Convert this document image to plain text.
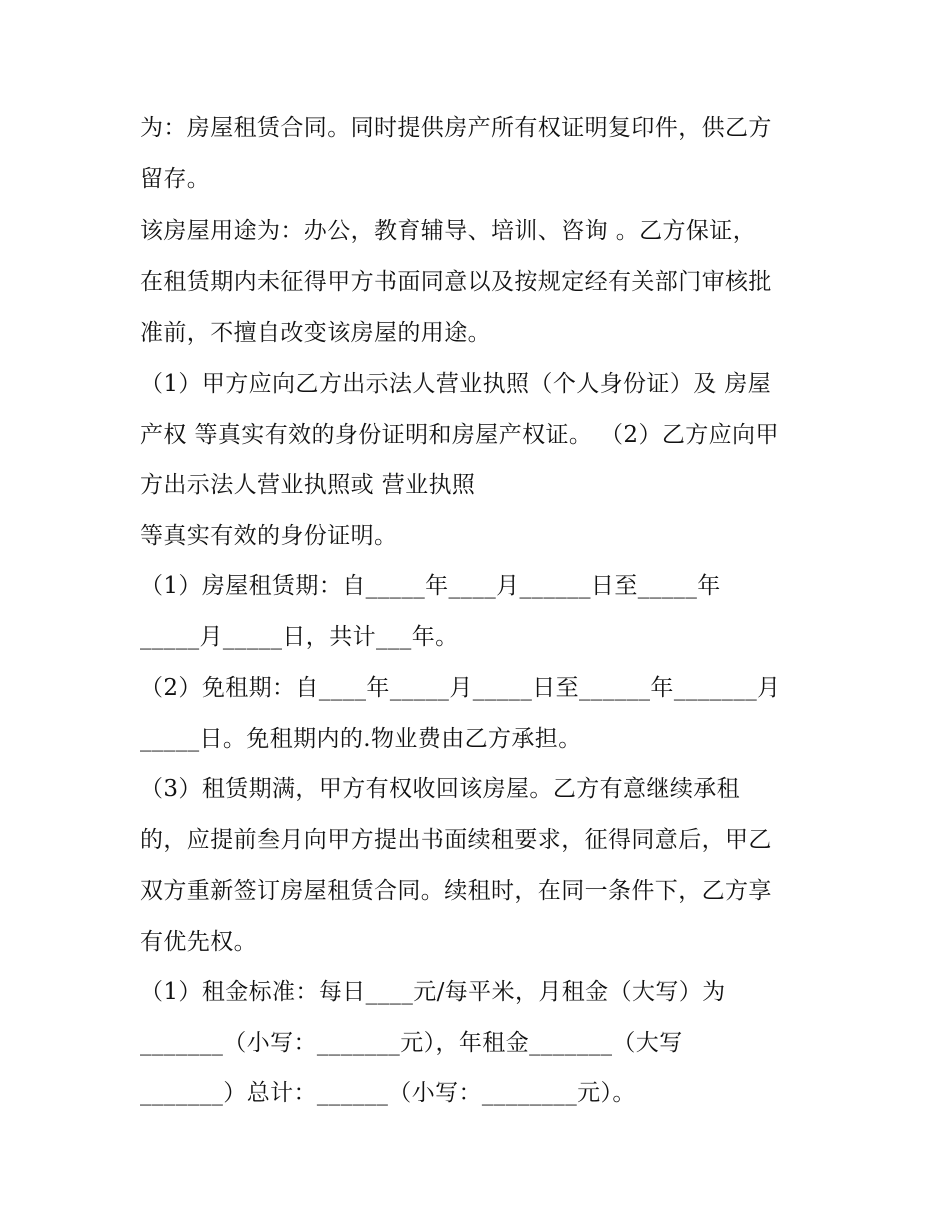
为：房屋租赁合同。同时提供房产所有权证明复印件，供乙方
留存。
该房屋用途为：办公，教育辅导、培训、咨询 。乙方保证，
在租赁期内未征得甲方书面同意以及按规定经有关部门审核批
准前，不擅自改变该房屋的用途。
（1）甲方应向乙方出示法人营业执照（个人身份证）及 房屋
产权 等真实有效的身份证明和房屋产权证。 （2）乙方应向甲
方出示法人营业执照或 营业执照
等真实有效的身份证明。
（1）房屋租赁期：自_____年____月______日至_____年
_____月_____日，共计___年。
（2）免租期：自____年_____月_____日至______年_______月
_____日。免租期内的.物业费由乙方承担。
（3）租赁期满，甲方有权收回该房屋。乙方有意继续承租
的，应提前叁月向甲方提出书面续租要求，征得同意后，甲乙
双方重新签订房屋租赁合同。续租时，在同一条件下，乙方享
有优先权。
（1）租金标准：每日____元/每平米，月租金（大写）为
_______（小写：_______元），年租金_______（大写
_______）总计：______（小写：________元）。
